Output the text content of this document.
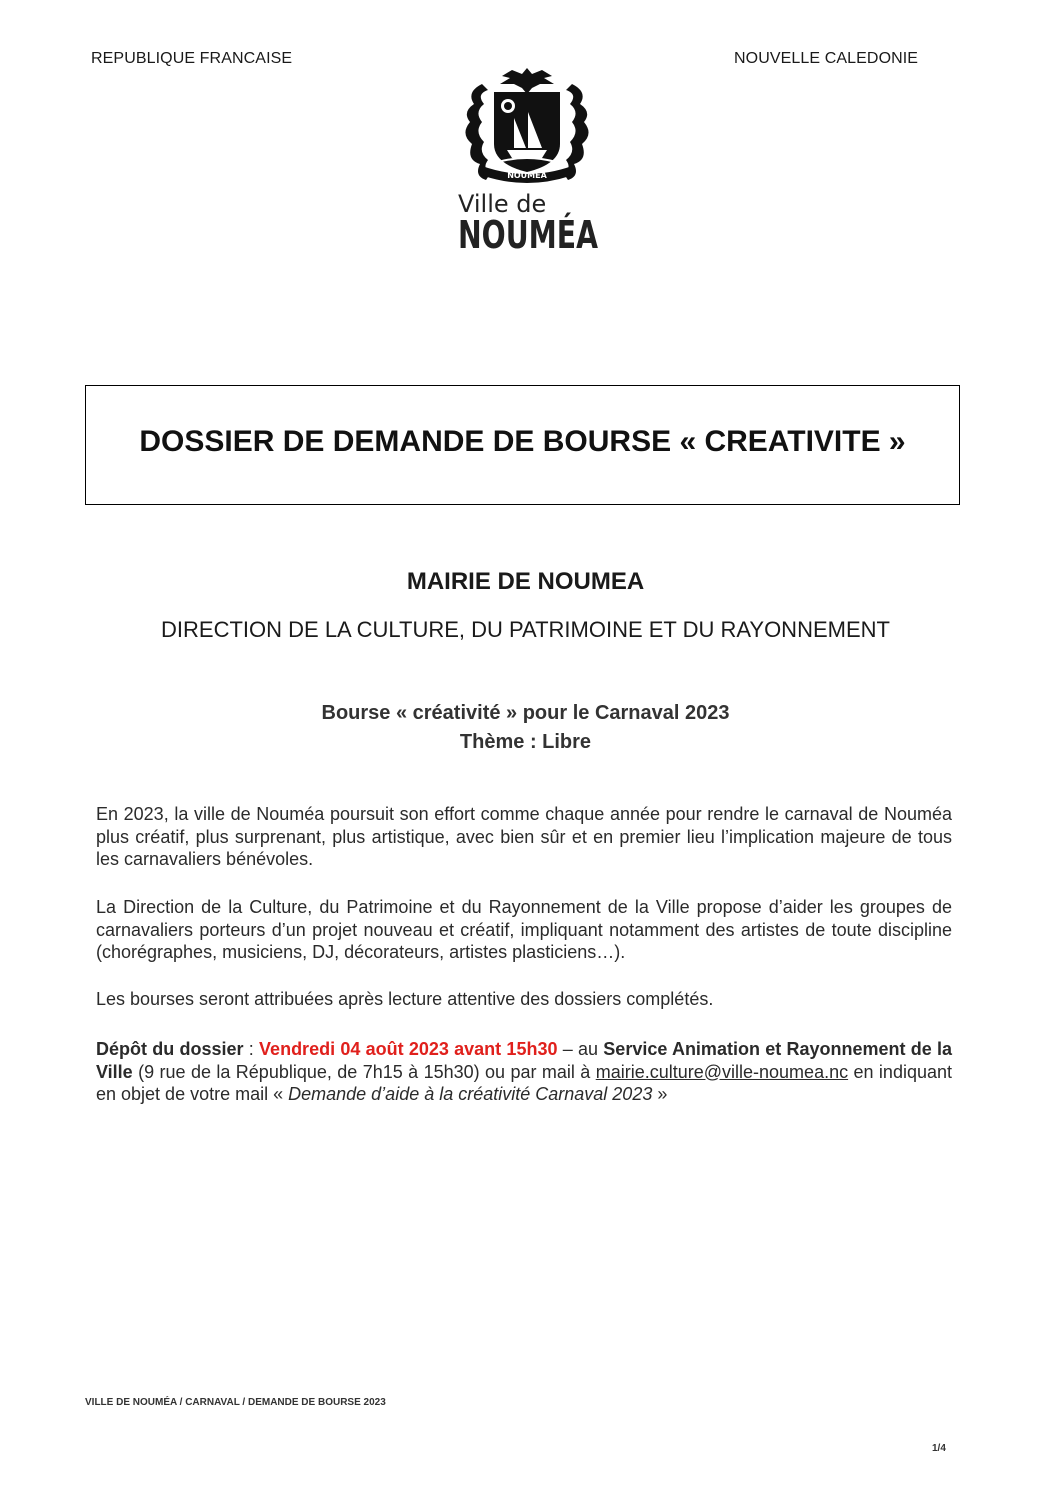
REPUBLIQUE FRANCAISE	NOUVELLE CALEDONIE
NOUMEA
Ville de
NOUMÉA
DOSSIER DE DEMANDE DE BOURSE « CREATIVITE »
MAIRIE DE NOUMEA
DIRECTION DE LA CULTURE, DU PATRIMOINE ET DU RAYONNEMENT
Bourse « créativité » pour le Carnaval 2023
Thème : Libre
En 2023, la ville de Nouméa poursuit son effort comme chaque année pour rendre le carnaval de Nouméa plus créatif, plus surprenant, plus artistique, avec bien sûr et en premier lieu l’implication majeure de tous les carnavaliers bénévoles.
La Direction de la Culture, du Patrimoine et du Rayonnement de la Ville propose d’aider les groupes de carnavaliers porteurs d’un projet nouveau et créatif, impliquant notamment des artistes de toute discipline (chorégraphes, musiciens, DJ, décorateurs, artistes plasticiens…).
Les bourses seront attribuées après lecture attentive des dossiers complétés.
Dépôt du dossier : Vendredi 04 août 2023 avant 15h30 – au Service Animation et Rayonnement de la Ville (9 rue de la République, de 7h15 à 15h30) ou par mail à mairie.culture@ville-noumea.nc en indiquant en objet de votre mail « Demande d’aide à la créativité Carnaval 2023 »
VILLE DE NOUMÉA / CARNAVAL / DEMANDE DE BOURSE 2023
1/4
